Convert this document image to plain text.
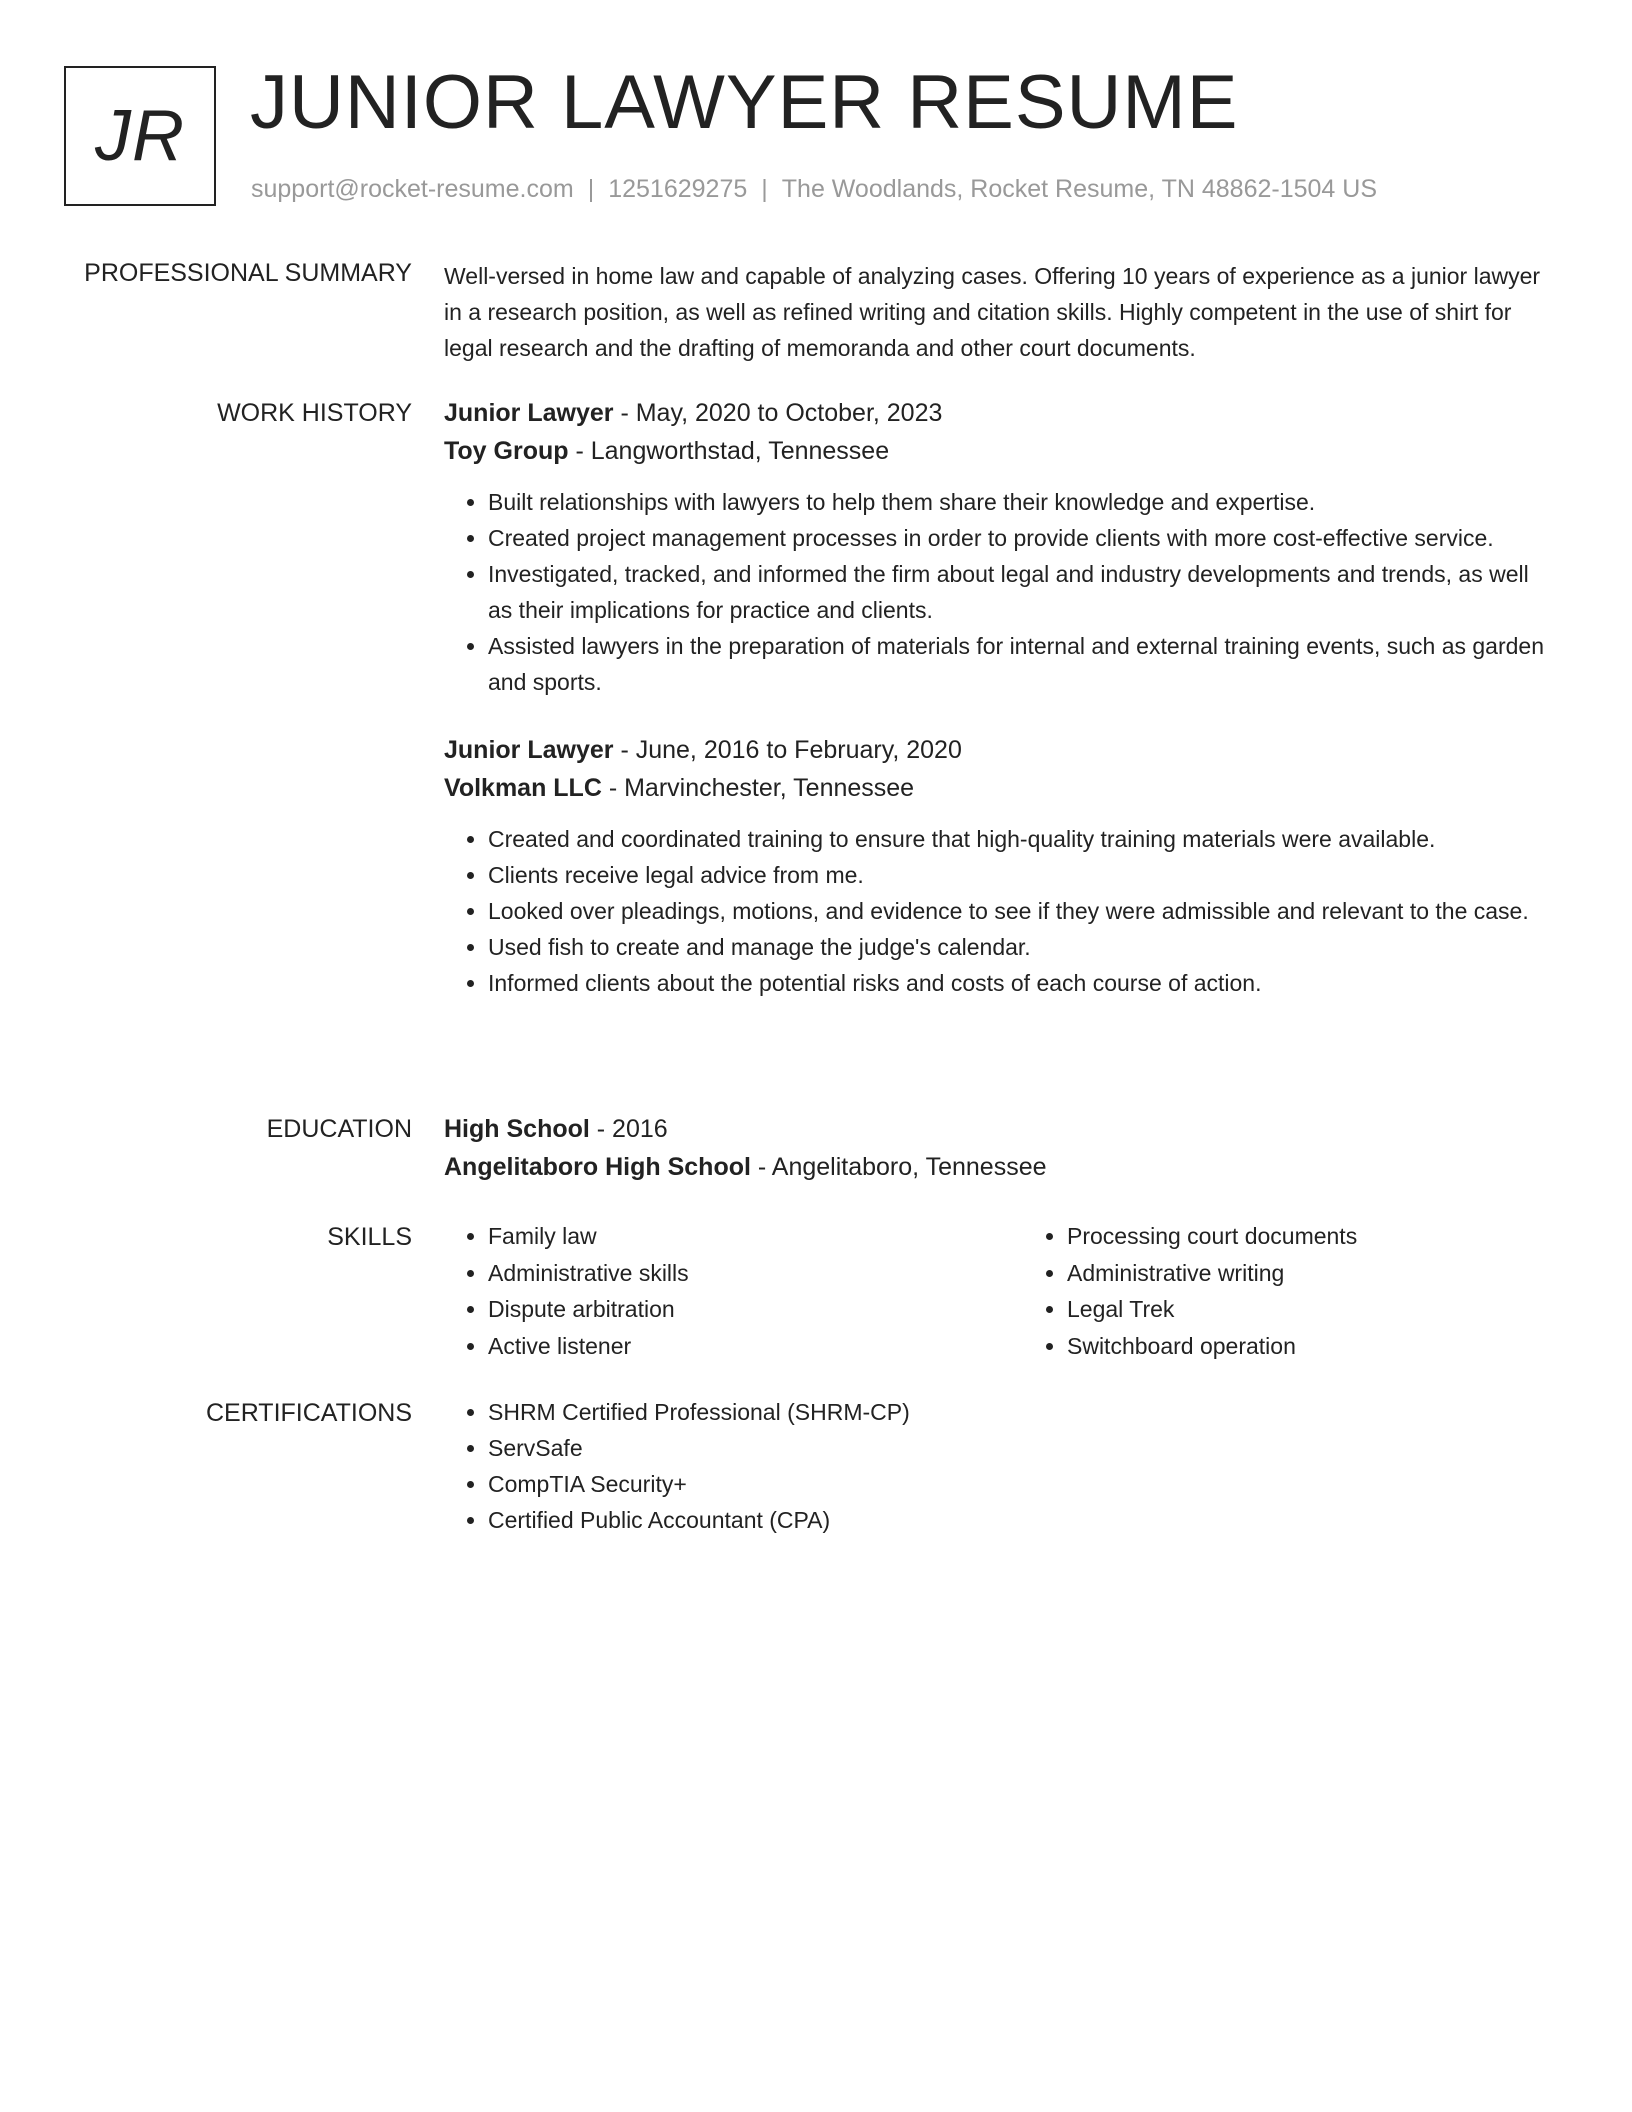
JR JUNIOR LAWYER RESUME
support@rocket-resume.com | 1251629275 | The Woodlands, Rocket Resume, TN 48862-1504 US
PROFESSIONAL SUMMARY Well-versed in home law and capable of analyzing cases. Offering 10 years of experience as a junior lawyer in a research position, as well as refined writing and citation skills. Highly competent in the use of shirt for legal research and the drafting of memoranda and other court documents.

WORK HISTORY Junior Lawyer - May, 2020 to October, 2023

Toy Group - Langworthstad, Tennessee

• Built relationships with lawyers to help them share their knowledge and expertise.
• Created project management processes in order to provide clients with more cost-effective service.
• Investigated, tracked, and informed the firm about legal and industry developments and trends, as well as their implications for practice and clients.
• Assisted lawyers in the preparation of materials for internal and external training events, such as garden and sports.

Junior Lawyer - June, 2016 to February, 2020

Volkman LLC - Marvinchester, Tennessee

• Created and coordinated training to ensure that high-quality training materials were available.
• Clients receive legal advice from me.
• Looked over pleadings, motions, and evidence to see if they were admissible and relevant to the case.
• Used fish to create and manage the judge's calendar.
• Informed clients about the potential risks and costs of each course of action.
EDUCATION High School - 2016

Angelitaboro High School - Angelitaboro, Tennessee

SKILLS	• Family law
• Administrative skills
• Dispute arbitration
• Active listener
• Processing court documents
• Administrative writing
• Legal Trek
• Switchboard operation
CERTIFICATIONS	• SHRM Certified Professional (SHRM-CP)
• ServSafe
• CompTIA Security+
• Certified Public Accountant (CPA)
